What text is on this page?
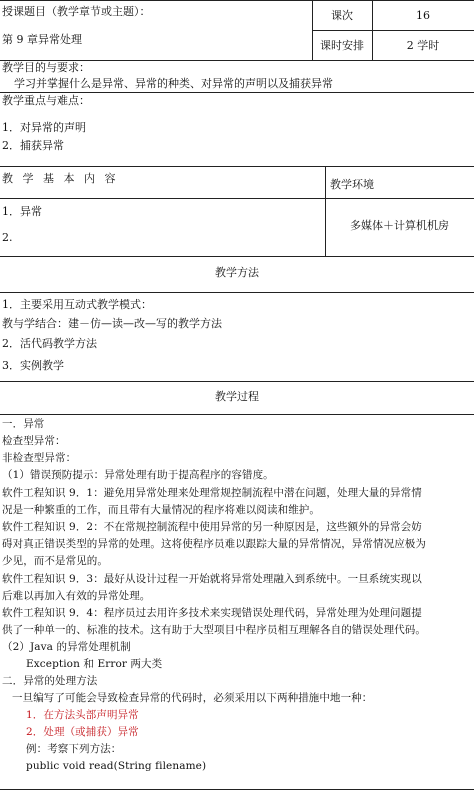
授课题目（教学章节或主题）：
第 9 章异常处理
课次	16
课时安排	2 学时
教学目的与要求：
学习并掌握什么是异常、异常的种类、对异常的声明以及捕获异常
教学重点与难点：
1．对异常的声明
2．捕获异常
教 学 基 本 内 容	教学环境
1．异常
2.
多媒体＋计算机机房
教学方法
1．主要采用互动式教学模式：
教与学结合：建－仿—读—改—写的教学方法
2．活代码教学方法
3．实例教学
教学过程
一．异常
检查型异常：
非检查型异常：
（1）错误预防提示：异常处理有助于提高程序的容错度。
软件工程知识 9．1：避免用异常处理来处理常规控制流程中潜在问题，处理大量的异常情
况是一种繁重的工作，而且带有大量情况的程序将难以阅读和维护。
软件工程知识 9．2：不在常规控制流程中使用异常的另一种原因是，这些额外的异常会妨
碍对真正错误类型的异常的处理。这将使程序员难以跟踪大量的异常情况，异常情况应极为
少见，而不是常见的。
软件工程知识 9．3：最好从设计过程一开始就将异常处理融入到系统中。一旦系统实现以
后难以再加入有效的异常处理。
软件工程知识 9．4：程序员过去用许多技术来实现错误处理代码，异常处理为处理问题提
供了一种单一的、标准的技术。这有助于大型项目中程序员相互理解各自的错误处理代码。
（2）Java 的异常处理机制
Exception 和 Error 两大类
二．异常的处理方法
一旦编写了可能会导致检查异常的代码时，必须采用以下两种措施中地一种：
1．在方法头部声明异常
2．处理（或捕获）异常
例：考察下列方法：
public void read(String filename)
